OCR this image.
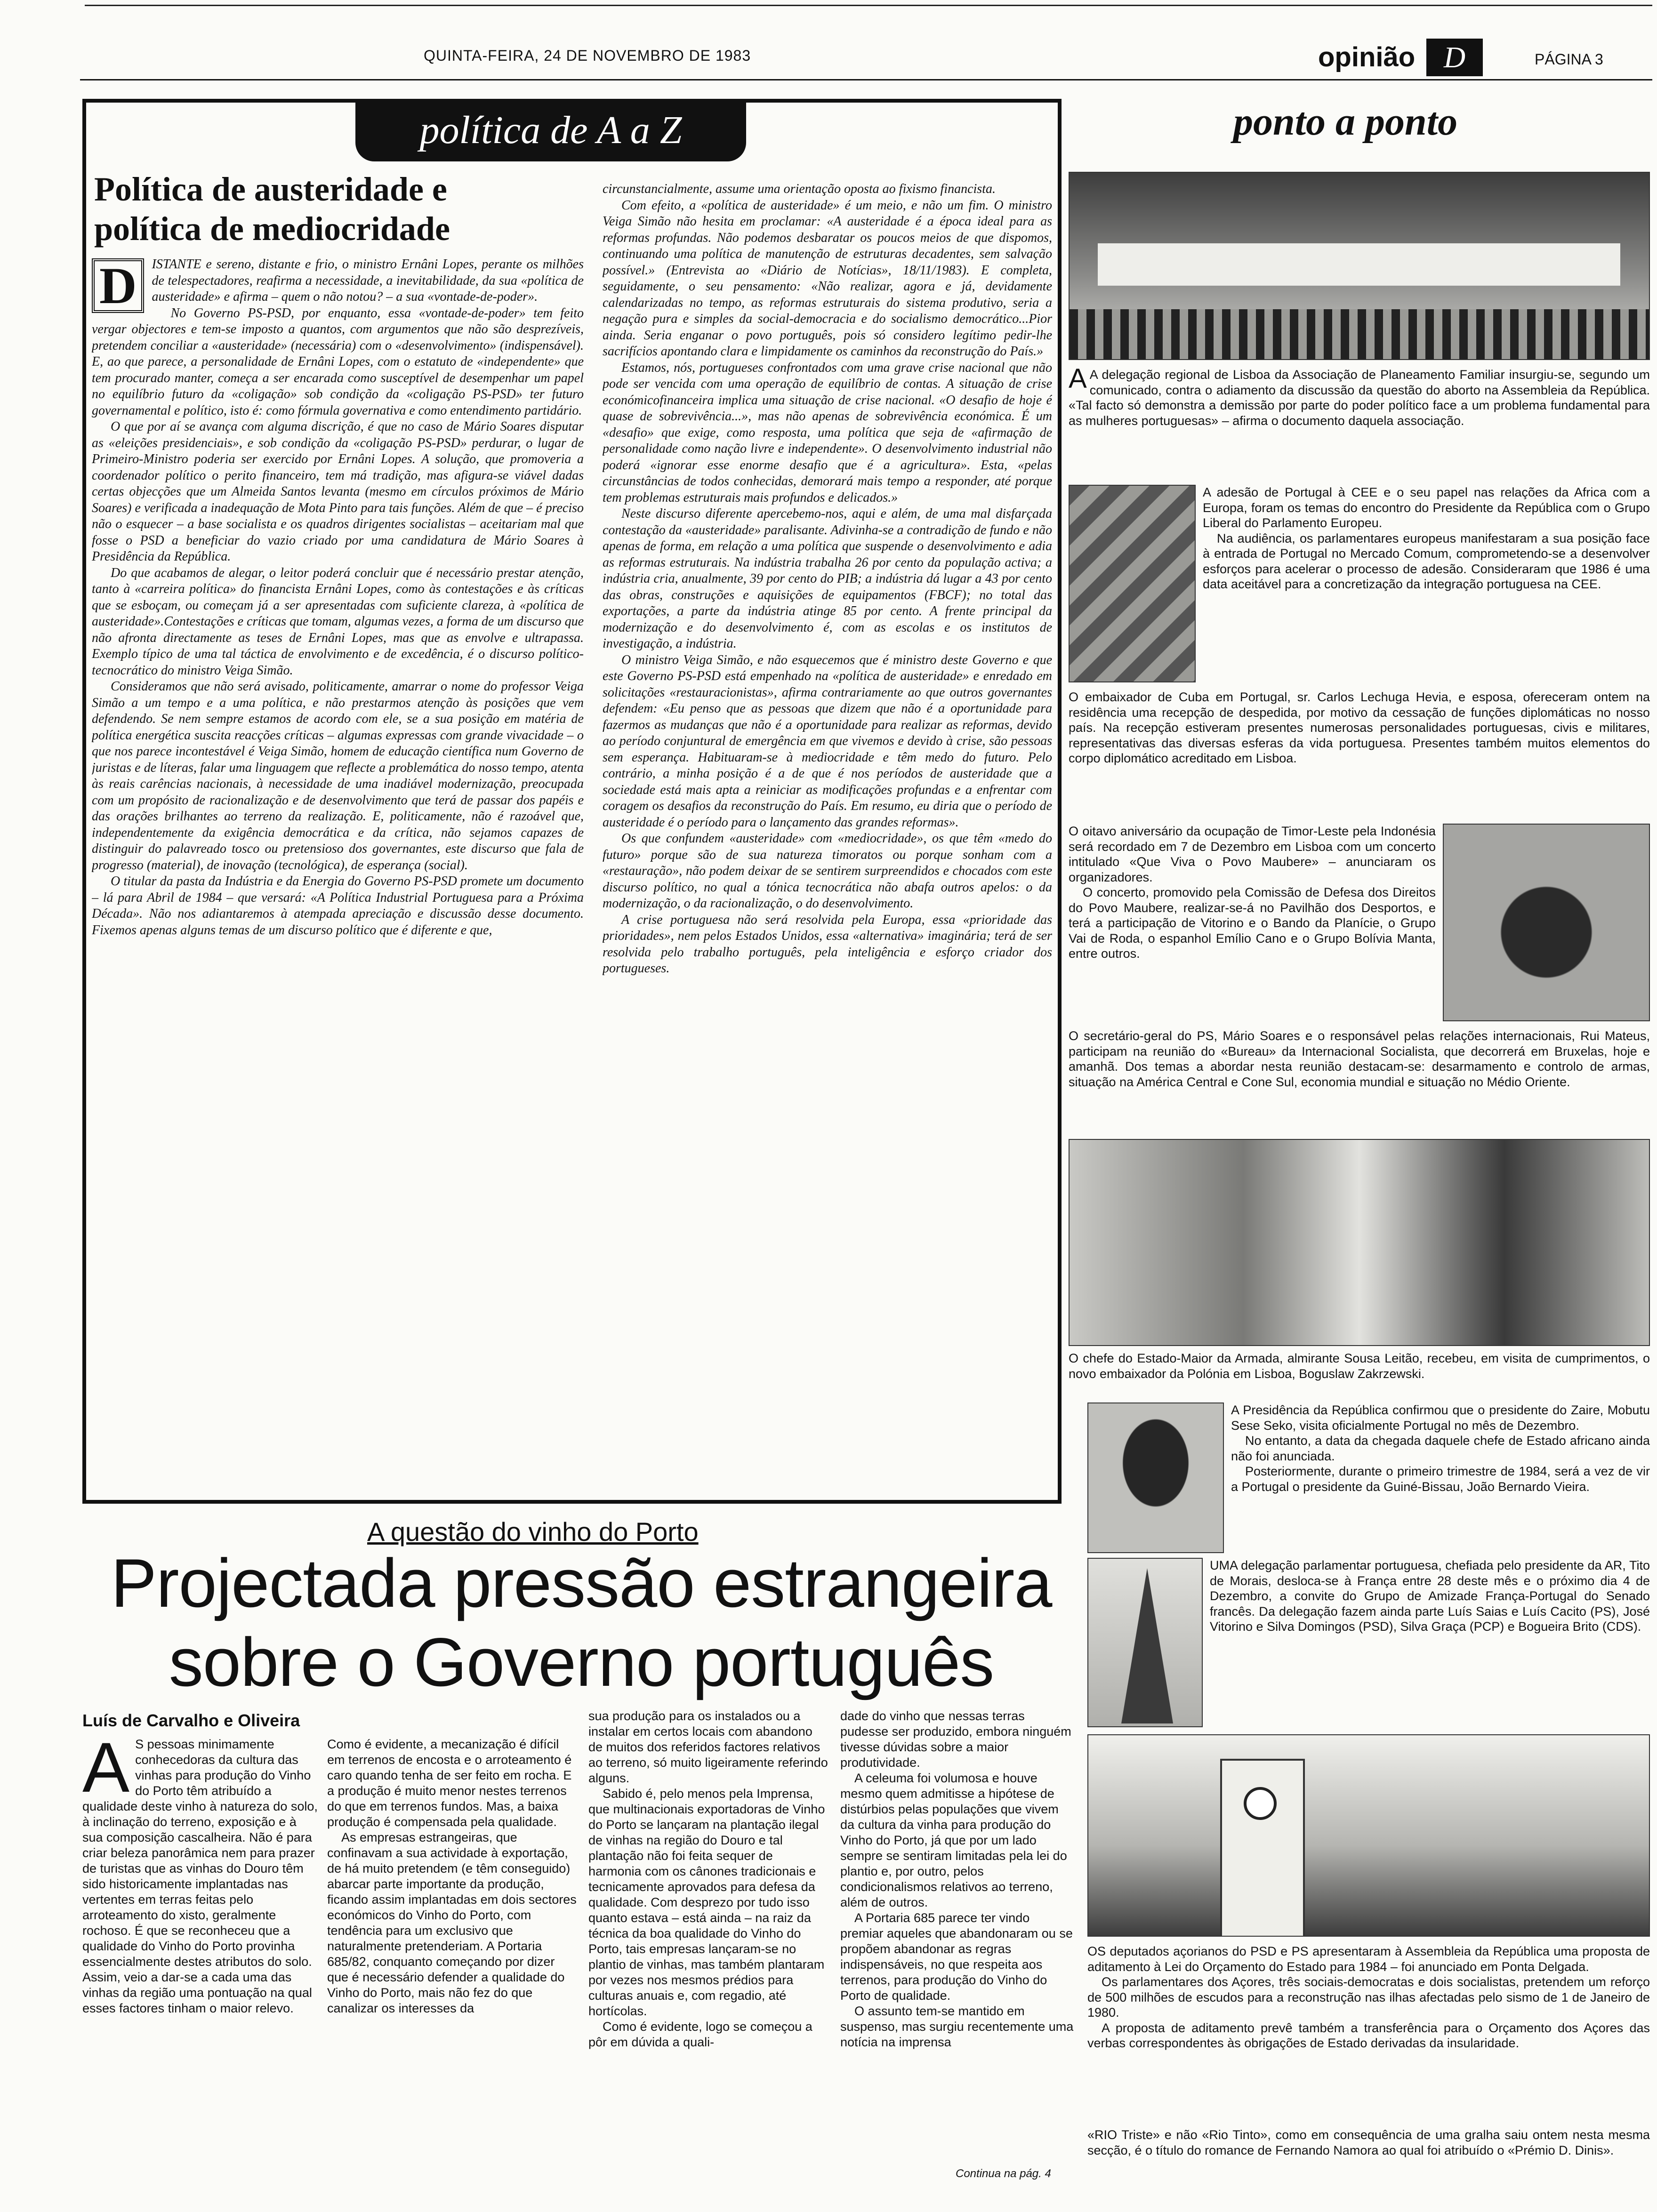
QUINTA-FEIRA, 24 DE NOVEMBRO DE 1983	opinião D	PÁGINA 3
política de A a Z
Política de austeridade e
política de mediocridade
D	ISTANTE e sereno, distante e frio, o ministro Ernâni Lopes, perante os milhões de telespectadores, reafirma a necessidade, a inevitabilidade, da sua «política de austeridade» e afirma – quem o não notou? – a sua «vontade-de-poder».

No Governo PS-PSD, por enquanto, essa «vontade-de-poder» tem feito vergar objectores e tem-se imposto a quantos, com argumentos que não são desprezíveis, pretendem conciliar a «austeridade» (necessária) com o «desenvolvimento» (indispensável). E, ao que parece, a personalidade de Ernâni Lopes, com o estatuto de «independente» que tem procurado manter, começa a ser encarada como susceptível de desempenhar um papel no equilíbrio futuro da «coligação» sob condição da «coligação PS-PSD» ter futuro governamental e político, isto é: como fórmula governativa e como entendimento partidário.

O que por aí se avança com alguma discrição, é que no caso de Mário Soares disputar as «eleições presidenciais», e sob condição da «coligação PS-PSD» perdurar, o lugar de Primeiro-Ministro poderia ser exercido por Ernâni Lopes. A solução, que promoveria a coordenador político o perito financeiro, tem má tradição, mas afigura-se viável dadas certas objecções que um Almeida Santos levanta (mesmo em círculos próximos de Mário Soares) e verificada a inadequação de Mota Pinto para tais funções. Além de que – é preciso não o esquecer – a base socialista e os quadros dirigentes socialistas – aceitariam mal que fosse o PSD a beneficiar do vazio criado por uma candidatura de Mário Soares à Presidência da República.

Do que acabamos de alegar, o leitor poderá concluir que é necessário prestar atenção, tanto à «carreira política» do financista Ernâni Lopes, como às contestações e às críticas que se esboçam, ou começam já a ser apresentadas com suficiente clareza, à «política de austeridade».Contestações e críticas que tomam, algumas vezes, a forma de um discurso que não afronta directamente as teses de Ernâni Lopes, mas que as envolve e ultrapassa. Exemplo típico de uma tal táctica de envolvimento e de excedência, é o discurso político-tecnocrático do ministro Veiga Simão.

Consideramos que não será avisado, politicamente, amarrar o nome do professor Veiga Simão a um tempo e a uma política, e não prestarmos atenção às posições que vem defendendo. Se nem sempre estamos de acordo com ele, se a sua posição em matéria de política energética suscita reacções críticas – algumas expressas com grande vivacidade – o que nos parece incontestável é Veiga Simão, homem de educação científica num Governo de juristas e de líteras, falar uma linguagem que reflecte a problemática do nosso tempo, atenta às reais carências nacionais, à necessidade de uma inadiável modernização, preocupada com um propósito de racionalização e de desenvolvimento que terá de passar dos papéis e das orações brilhantes ao terreno da realização. E, politicamente, não é razoável que, independentemente da exigência democrática e da crítica, não sejamos capazes de distinguir do palavreado tosco ou pretensioso dos governantes, este discurso que fala de progresso (material), de inovação (tecnológica), de esperança (social).

O titular da pasta da Indústria e da Energia do Governo PS-PSD promete um documento – lá para Abril de 1984 – que versará: «A Política Industrial Portuguesa para a Próxima Década». Não nos adiantaremos à atempada apreciação e discussão desse documento. Fixemos apenas alguns temas de um discurso político que é diferente e que,

circunstancialmente, assume uma orientação oposta ao fixismo financista.

Com efeito, a «política de austeridade» é um meio, e não um fim. O ministro Veiga Simão não hesita em proclamar: «A austeridade é a época ideal para as reformas profundas. Não podemos desbaratar os poucos meios de que dispomos, continuando uma política de manutenção de estruturas decadentes, sem salvação possível.» (Entrevista ao «Diário de Notícias», 18/11/1983). E completa, seguidamente, o seu pensamento: «Não realizar, agora e já, devidamente calendarizadas no tempo, as reformas estruturais do sistema produtivo, seria a negação pura e simples da social-democracia e do socialismo democrático...Pior ainda. Seria enganar o povo português, pois só considero legítimo pedir-lhe sacrifícios apontando clara e limpidamente os caminhos da reconstrução do País.»

Estamos, nós, portugueses confrontados com uma grave crise nacional que não pode ser vencida com uma operação de equilíbrio de contas. A situação de crise económicofinanceira implica uma situação de crise nacional. «O desafio de hoje é quase de sobrevivência...», mas não apenas de sobrevivência económica. É um «desafio» que exige, como resposta, uma política que seja de «afirmação de personalidade como nação livre e independente». O desenvolvimento industrial não poderá «ignorar esse enorme desafio que é a agricultura». Esta, «pelas circunstâncias de todos conhecidas, demorará mais tempo a responder, até porque tem problemas estruturais mais profundos e delicados.»

Neste discurso diferente apercebemo-nos, aqui e além, de uma mal disfarçada contestação da «austeridade» paralisante. Adivinha-se a contradição de fundo e não apenas de forma, em relação a uma política que suspende o desenvolvimento e adia as reformas estruturais. Na indústria trabalha 26 por cento da população activa; a indústria cria, anualmente, 39 por cento do PIB; a indústria dá lugar a 43 por cento das obras, construções e aquisições de equipamentos (FBCF); no total das exportações, a parte da indústria atinge 85 por cento. A frente principal da modernização e do desenvolvimento é, com as escolas e os institutos de investigação, a indústria.

O ministro Veiga Simão, e não esquecemos que é ministro deste Governo e que este Governo PS-PSD está empenhado na «política de austeridade» e enredado em solicitações «restauracionistas», afirma contrariamente ao que outros governantes defendem: «Eu penso que as pessoas que dizem que não é a oportunidade para fazermos as mudanças que não é a oportunidade para realizar as reformas, devido ao período conjuntural de emergência em que vivemos e devido à crise, são pessoas sem esperança. Habituaram-se à mediocridade e têm medo do futuro. Pelo contrário, a minha posição é a de que é nos períodos de austeridade que a sociedade está mais apta a reiniciar as modificações profundas e a enfrentar com coragem os desafios da reconstrução do País. Em resumo, eu diria que o período de austeridade é o período para o lançamento das grandes reformas».

Os que confundem «austeridade» com «mediocridade», os que têm «medo do futuro» porque são de sua natureza timoratos ou porque sonham com a «restauração», não podem deixar de se sentirem surpreendidos e chocados com este discurso político, no qual a tónica tecnocrática não abafa outros apelos: o da modernização, o da racionalização, o do desenvolvimento.

A crise portuguesa não será resolvida pela Europa, essa «prioridade das prioridades», nem pelos Estados Unidos, essa «alternativa» imaginária; terá de ser resolvida pelo trabalho português, pela inteligência e esforço criador dos portugueses.

ponto a ponto
A A delegação regional de Lisboa da Associação de Planeamento Familiar insurgiu-se, segundo um comunicado, contra o adiamento da discussão da questão do aborto na Assembleia da República. «Tal facto só demonstra a demissão por parte do poder político face a um problema fundamental para as mulheres portuguesas» – afirma o documento daquela associação.

A adesão de Portugal à CEE e o seu papel nas relações da Africa com a Europa, foram os temas do encontro do Presidente da República com o Grupo Liberal do Parlamento Europeu.

Na audiência, os parlamentares europeus manifestaram a sua posição face à entrada de Portugal no Mercado Comum, comprometendo-se a desenvolver esforços para acelerar o processo de adesão. Consideraram que 1986 é uma data aceitável para a concretização da integração portuguesa na CEE.

O embaixador de Cuba em Portugal, sr. Carlos Lechuga Hevia, e esposa, ofereceram ontem na residência uma recepção de despedida, por motivo da cessação de funções diplomáticas no nosso país. Na recepção estiveram presentes numerosas personalidades portuguesas, civis e militares, representativas das diversas esferas da vida portuguesa. Presentes também muitos elementos do corpo diplomático acreditado em Lisboa.

O oitavo aniversário da ocupação de Timor-Leste pela Indonésia será recordado em 7 de Dezembro em Lisboa com um concerto intitulado «Que Viva o Povo Maubere» – anunciaram os organizadores.

O concerto, promovido pela Comissão de Defesa dos Direitos do Povo Maubere, realizar-se-á no Pavilhão dos Desportos, e terá a participação de Vitorino e o Bando da Planície, o Grupo Vai de Roda, o espanhol Emílio Cano e o Grupo Bolívia Manta, entre outros.

O secretário-geral do PS, Mário Soares e o responsável pelas relações internacionais, Rui Mateus, participam na reunião do «Bureau» da Internacional Socialista, que decorrerá em Bruxelas, hoje e amanhã. Dos temas a abordar nesta reunião destacam-se: desarmamento e controlo de armas, situação na América Central e Cone Sul, economia mundial e situação no Médio Oriente.
O chefe do Estado-Maior da Armada, almirante Sousa Leitão, recebeu, em visita de cumprimentos, o novo embaixador da Polónia em Lisboa, Boguslaw Zakrzewski.

A Presidência da República confirmou que o presidente do Zaire, Mobutu Sese Seko, visita oficialmente Portugal no mês de Dezembro.

No entanto, a data da chegada daquele chefe de Estado africano ainda não foi anunciada.

Posteriormente, durante o primeiro trimestre de 1984, será a vez de vir a Portugal o presidente da Guiné-Bissau, João Bernardo Vieira.

UMA delegação parlamentar portuguesa, chefiada pelo presidente da AR, Tito de Morais, desloca-se à França entre 28 deste mês e o próximo dia 4 de Dezembro, a convite do Grupo de Amizade França-Portugal do Senado francês. Da delegação fazem ainda parte Luís Saias e Luís Cacito (PS), José Vitorino e Silva Domingos (PSD), Silva Graça (PCP) e Bogueira Brito (CDS).

OS deputados açorianos do PSD e PS apresentaram à Assembleia da República uma proposta de aditamento à Lei do Orçamento do Estado para 1984 – foi anunciado em Ponta Delgada.

Os parlamentares dos Açores, três sociais-democratas e dois socialistas, pretendem um reforço de 500 milhões de escudos para a reconstrução nas ilhas afectadas pelo sismo de 1 de Janeiro de 1980.

A proposta de aditamento prevê também a transferência para o Orçamento dos Açores das verbas correspondentes às obrigações de Estado derivadas da insularidade.

«RIO Triste» e não «Rio Tinto», como em consequência de uma gralha saiu ontem nesta mesma secção, é o título do romance de Fernando Namora ao qual foi atribuído o «Prémio D. Dinis».
A questão do vinho do Porto
Projectada pressão estrangeira
sobre o Governo português
Luís de Carvalho e Oliveira
A S pessoas minimamente conhecedoras da cultura das vinhas para produção do Vinho do Porto têm atribuído a qualidade deste vinho à natureza do solo, à inclinação do terreno, exposição e à sua composição cascalheira. Não é para criar beleza panorâmica nem para prazer de turistas que as vinhas do Douro têm sido historicamente implantadas nas vertentes em terras feitas pelo arroteamento do xisto, geralmente rochoso. É que se reconheceu que a qualidade do Vinho do Porto provinha essencialmente destes atributos do solo. Assim, veio a dar-se a cada uma das vinhas da região uma pontuação na qual esses factores tinham o maior relevo.

Como é evidente, a mecanização é difícil em terrenos de encosta e o arroteamento é caro quando tenha de ser feito em rocha. E a produção é muito menor nestes terrenos do que em terrenos fundos. Mas, a baixa produção é compensada pela qualidade.

As empresas estrangeiras, que confinavam a sua actividade à exportação, de há muito pretendem (e têm conseguido) abarcar parte importante da produção, ficando assim implantadas em dois sectores económicos do Vinho do Porto, com tendência para um exclusivo que naturalmente pretenderiam. A Portaria 685/82, conquanto começando por dizer que é necessário defender a qualidade do Vinho do Porto, mais não fez do que canalizar os interesses da

sua produção para os instalados ou a instalar em certos locais com abandono de muitos dos referidos factores relativos ao terreno, só muito ligeiramente referindo alguns.

Sabido é, pelo menos pela Imprensa, que multinacionais exportadoras de Vinho do Porto se lançaram na plantação ilegal de vinhas na região do Douro e tal plantação não foi feita sequer de harmonia com os cânones tradicionais e tecnicamente aprovados para defesa da qualidade. Com desprezo por tudo isso quanto estava – está ainda – na raiz da técnica da boa qualidade do Vinho do Porto, tais empresas lançaram-se no plantio de vinhas, mas também plantaram por vezes nos mesmos prédios para culturas anuais e, com regadio, até hortícolas.

Como é evidente, logo se começou a pôr em dúvida a quali-

dade do vinho que nessas terras pudesse ser produzido, embora ninguém tivesse dúvidas sobre a maior produtividade.

A celeuma foi volumosa e houve mesmo quem admitisse a hipótese de distúrbios pelas populações que vivem da cultura da vinha para produção do Vinho do Porto, já que por um lado sempre se sentiram limitadas pela lei do plantio e, por outro, pelos condicionalismos relativos ao terreno, além de outros.

A Portaria 685 parece ter vindo premiar aqueles que abandonaram ou se propõem abandonar as regras indispensáveis, no que respeita aos terrenos, para produção do Vinho do Porto de qualidade.

O assunto tem-se mantido em suspenso, mas surgiu recentemente uma notícia na imprensa

Continua na pág. 4
